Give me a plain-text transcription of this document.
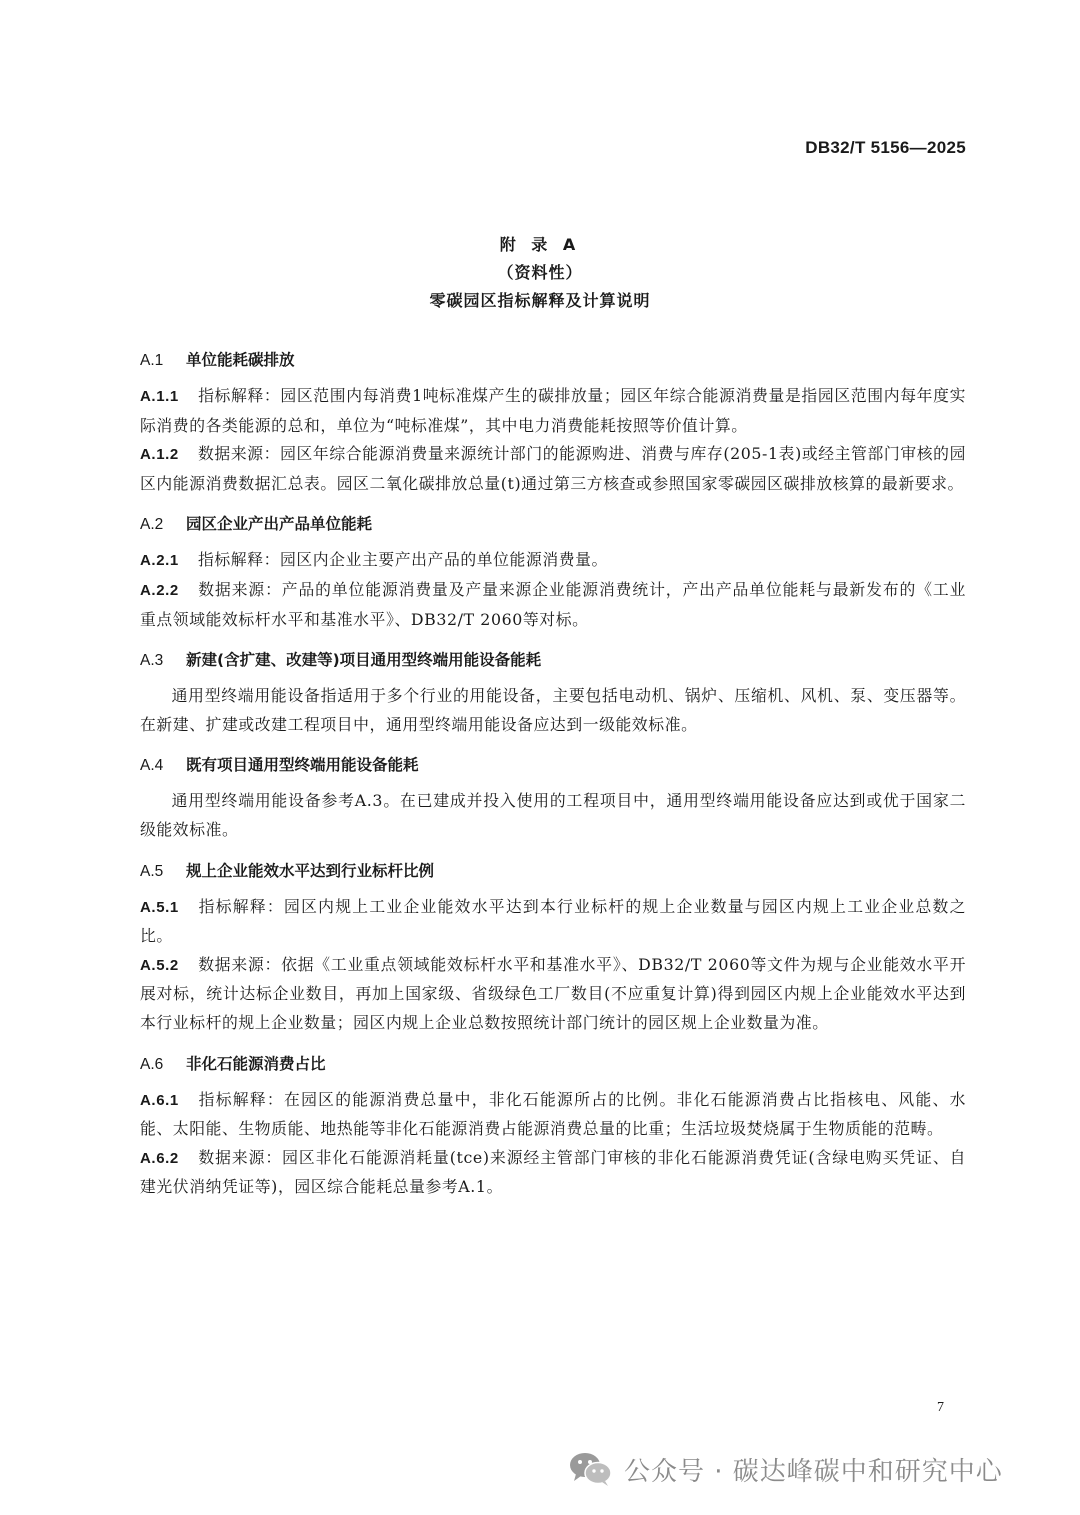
DB32/T 5156—2025
附 录 A
（资料性）
零碳园区指标解释及计算说明
A.1 单位能耗碳排放
A.1.1 指标解释：园区范围内每消费1吨标准煤产生的碳排放量；园区年综合能源消费量是指园区范围内每年度实际消费的各类能源的总和，单位为“吨标准煤”，其中电力消费能耗按照等价值计算。
A.1.2 数据来源：园区年综合能源消费量来源统计部门的能源购进、消费与库存(205-1表)或经主管部门审核的园区内能源消费数据汇总表。园区二氧化碳排放总量(t)通过第三方核查或参照国家零碳园区碳排放核算的最新要求。
A.2 园区企业产出产品单位能耗
A.2.1 指标解释：园区内企业主要产出产品的单位能源消费量。
A.2.2 数据来源：产品的单位能源消费量及产量来源企业能源消费统计，产出产品单位能耗与最新发布的《工业重点领域能效标杆水平和基准水平》、DB32/T 2060等对标。
A.3 新建(含扩建、改建等)项目通用型终端用能设备能耗
通用型终端用能设备指适用于多个行业的用能设备，主要包括电动机、锅炉、压缩机、风机、泵、变压器等。在新建、扩建或改建工程项目中，通用型终端用能设备应达到一级能效标准。
A.4 既有项目通用型终端用能设备能耗
通用型终端用能设备参考A.3。在已建成并投入使用的工程项目中，通用型终端用能设备应达到或优于国家二级能效标准。
A.5 规上企业能效水平达到行业标杆比例
A.5.1 指标解释：园区内规上工业企业能效水平达到本行业标杆的规上企业数量与园区内规上工业企业总数之比。
A.5.2 数据来源：依据《工业重点领域能效标杆水平和基准水平》、DB32/T 2060等文件为规与企业能效水平开展对标，统计达标企业数目，再加上国家级、省级绿色工厂数目(不应重复计算)得到园区内规上企业能效水平达到本行业标杆的规上企业数量；园区内规上企业总数按照统计部门统计的园区规上企业数量为准。
A.6 非化石能源消费占比
A.6.1 指标解释：在园区的能源消费总量中，非化石能源所占的比例。非化石能源消费占比指核电、风能、水能、太阳能、生物质能、地热能等非化石能源消费占能源消费总量的比重；生活垃圾焚烧属于生物质能的范畴。
A.6.2 数据来源：园区非化石能源消耗量(tce)来源经主管部门审核的非化石能源消费凭证(含绿电购买凭证、自建光伏消纳凭证等)，园区综合能耗总量参考A.1。
7
公众号 · 碳达峰碳中和研究中心
